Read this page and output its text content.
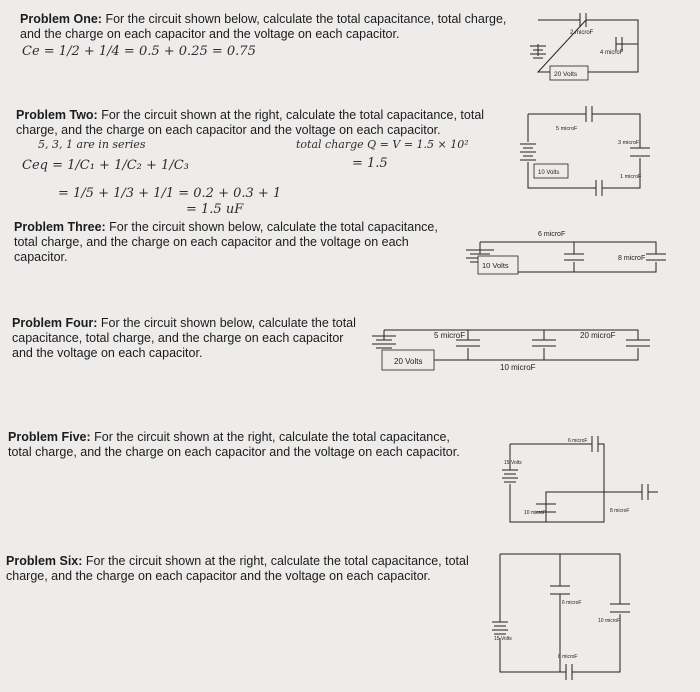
Problem One: For the circuit shown below, calculate the total capacitance, total charge, and the charge on each capacitor and the voltage on each capacitor.
Ce = 1/2 + 1/4 = 0.5 + 0.25 = 0.75
20 Volts
2 microF
4 microF
Problem Two: For the circuit shown at the right, calculate the total capacitance, total charge, and the charge on each capacitor and the voltage on each capacitor.
5, 3, 1 are in series	total charge Q = V = 1.5 × 10²
Ceq = 1/C₁ + 1/C₂ + 1/C₃	= 1.5
= 1/5 + 1/3 + 1/1 = 0.2 + 0.3 + 1
= 1.5 uF
10 Volts
5 microF
3 microF
1 microF
Problem Three: For the circuit shown below, calculate the total capacitance, total charge, and the charge on each capacitor and the voltage on each capacitor.
10 Volts
6 microF
8 microF
Problem Four: For the circuit shown below, calculate the total capacitance, total charge, and the charge on each capacitor and the voltage on each capacitor.
20 Volts
5 microF	20 microF
10 microF
Problem Five: For the circuit shown at the right, calculate the total capacitance, total charge, and the charge on each capacitor and the voltage on each capacitor.
15 Volts
6 microF
10 microF	8 microF
Problem Six: For the circuit shown at the right, calculate the total capacitance, total charge, and the charge on each capacitor and the voltage on each capacitor.
15 Volts
6 microF
10 microF
8 microF
